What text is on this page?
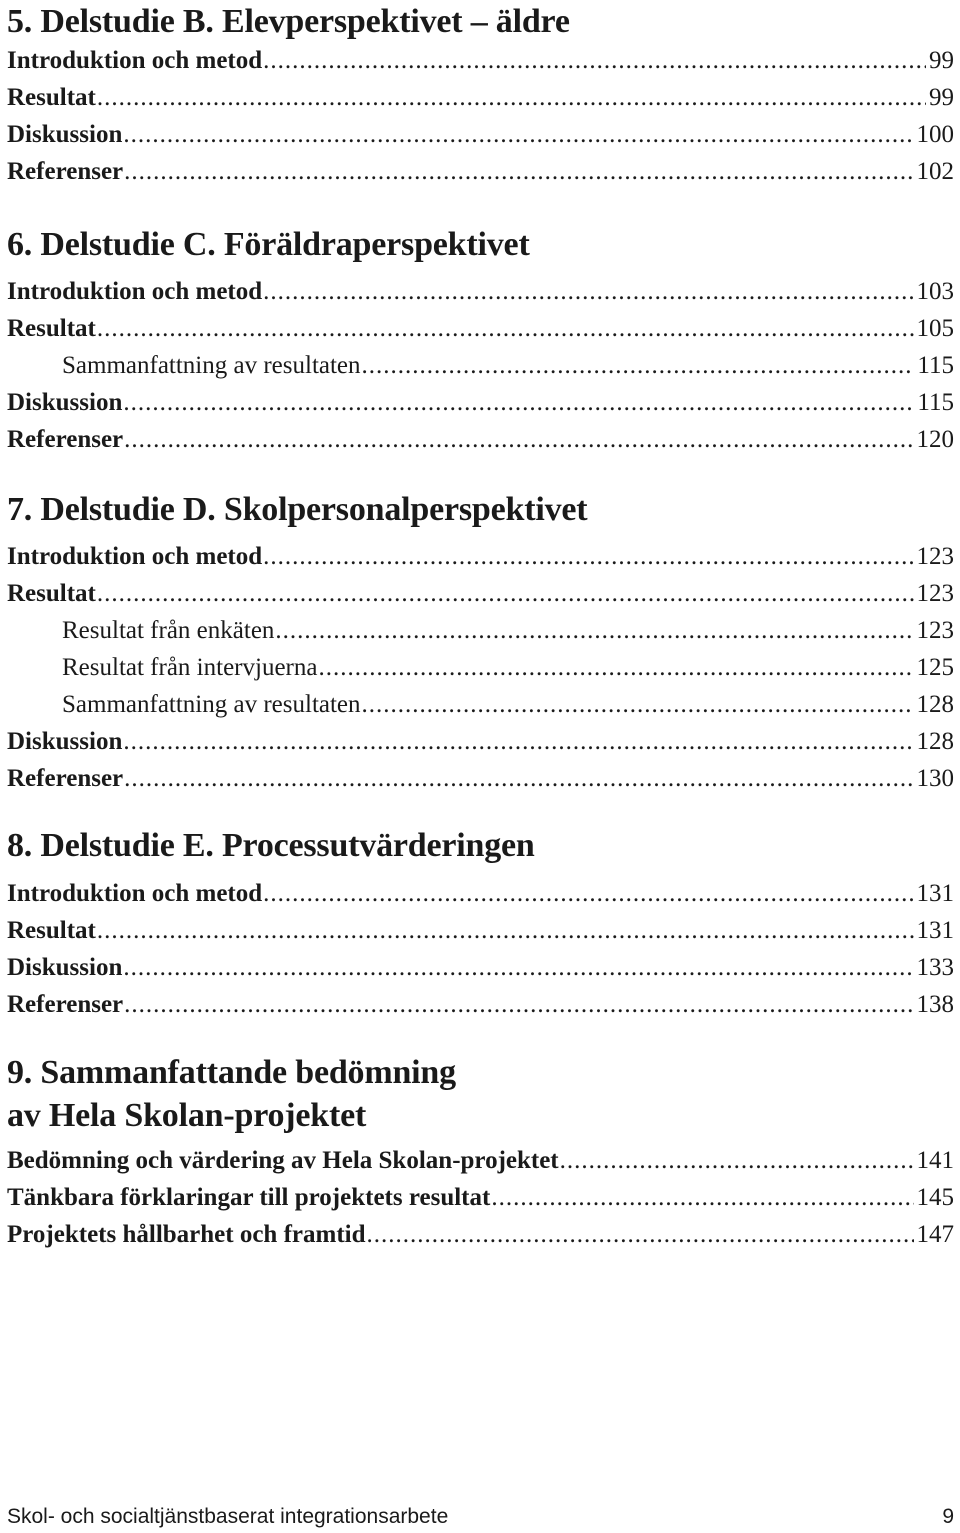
5. Delstudie B. Elevperspektivet – äldre
Introduktion och metod .....	99
Resultat .....	99
Diskussion .....	100
Referenser .....	102
6. Delstudie C. Föräldraperspektivet
Introduktion och metod .....	103
Resultat .....	105
Sammanfattning av resultaten .....	115
Diskussion .....	115
Referenser .....	120
7. Delstudie D. Skolpersonalperspektivet
Introduktion och metod .....	123
Resultat .....	123
Resultat från enkäten .....	123
Resultat från intervjuerna .....	125
Sammanfattning av resultaten .....	128
Diskussion .....	128
Referenser .....	130
8. Delstudie E. Processutvärderingen
Introduktion och metod .....	131
Resultat .....	131
Diskussion .....	133
Referenser .....	138
9. Sammanfattande bedömning
av Hela Skolan-projektet
Bedömning och värdering av Hela Skolan-projektet .....	141
Tänkbara förklaringar till projektets resultat .....	145
Projektets hållbarhet och framtid .....	147
Skol- och socialtjänstbaserat integrationsarbete	9
